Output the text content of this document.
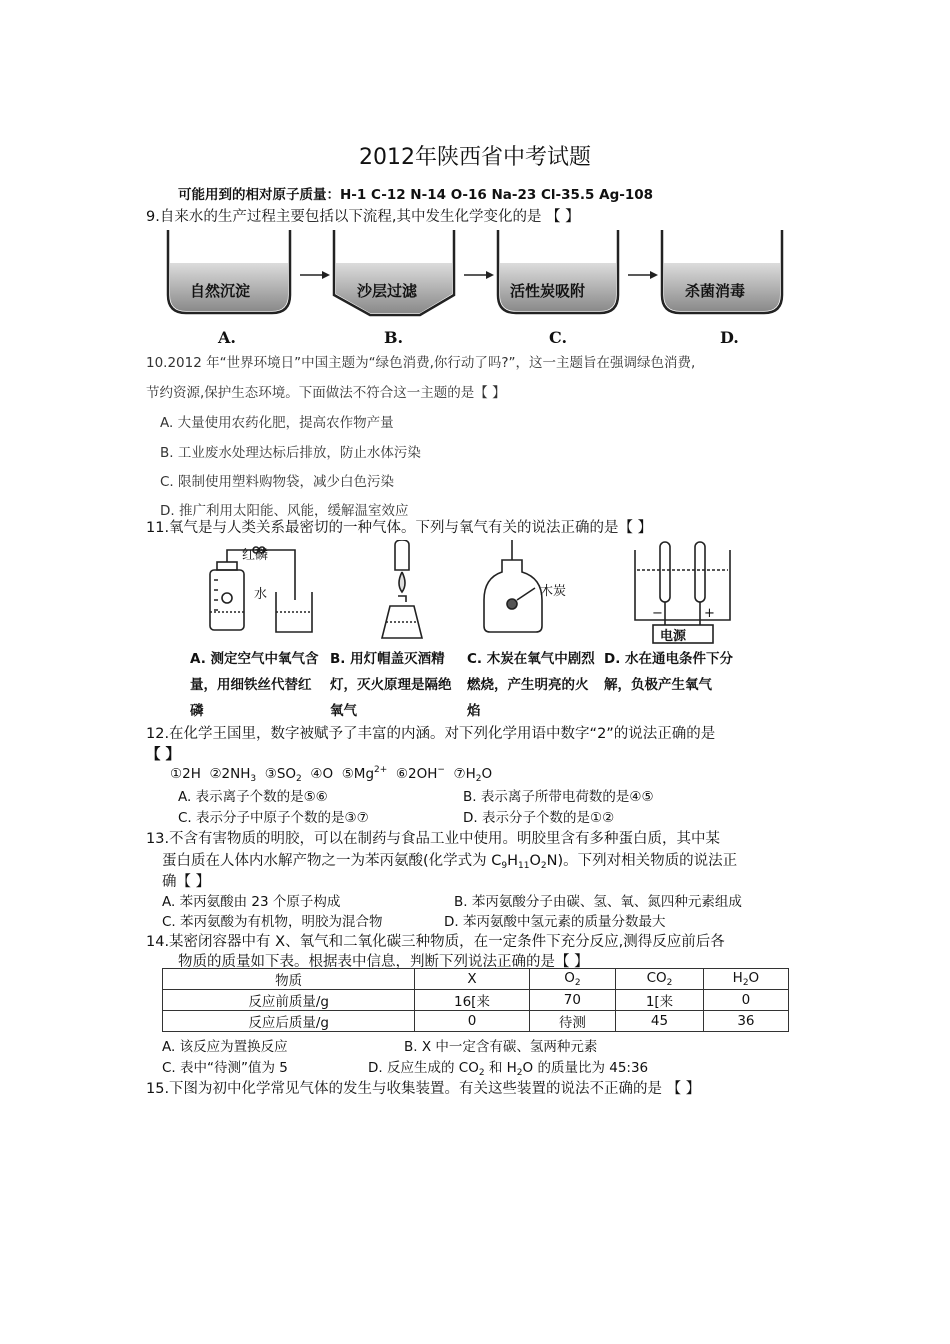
2012年陕西省中考试题
可能用到的相对原子质量：H-1 C-12 N-14 O-16 Na-23 Cl-35.5 Ag-108
9.自来水的生产过程主要包括以下流程,其中发生化学变化的是 【 】
自然沉淀	沙层过滤	活性炭吸附	杀菌消毒
A.	B.	C.	D.
10.2012 年“世界环境日”中国主题为“绿色消费,你行动了吗?”，这一主题旨在强调绿色消费,
节约资源,保护生态环境。下面做法不符合这一主题的是【 】
A. 大量使用农药化肥，提高农作物产量
B. 工业废水处理达标后排放，防止水体污染
C. 限制使用塑料购物袋，减少白色污染
D. 推广利用太阳能、风能，缓解温室效应
11.氧气是与人类关系最密切的一种气体。下列与氧气有关的说法正确的是【 】
红磷
水	木炭
电源
−	+
A. 测定空气中氧气含量，用细铁丝代替红磷
B. 用灯帽盖灭酒精灯，灭火原理是隔绝氧气
C. 木炭在氧气中剧烈燃烧，产生明亮的火焰
D. 水在通电条件下分解，负极产生氧气
12.在化学王国里，数字被赋予了丰富的内涵。对下列化学用语中数字“2”的说法正确的是
【 】
①2H $②2NH_3$ $③SO_2$ ④O $⑤Mg^{2+}$ ⑥2OH− $⑦H_2O$
A. 表示离子个数的是⑤⑥	B. 表示离子所带电荷数的是④⑤
C. 表示分子中原子个数的是③⑦	D. 表示分子个数的是①②
13.不含有害物质的明胶，可以在制药与食品工业中使用。明胶里含有多种蛋白质，其中某
蛋白质在人体内水解产物之一为苯丙氨酸(化学式为 $C_9H_{11}O_2N$)。下列对相关物质的说法正
确【 】
A. 苯丙氨酸由 23 个原子构成	B. 苯丙氨酸分子由碳、氢、氧、氮四种元素组成
C. 苯丙氨酸为有机物，明胶为混合物	D. 苯丙氨酸中氢元素的质量分数最大
14.某密闭容器中有 X、氧气和二氧化碳三种物质，在一定条件下充分反应,测得反应前后各
物质的质量如下表。根据表中信息，判断下列说法正确的是【 】
物质	X	$O_2$	$CO_2$	$H_2O$
反应前质量/g	16[来	70	1[来	0
反应后质量/g	0	待测	45	36
A. 该反应为置换反应	B. X 中一定含有碳、氢两种元素
C. 表中“待测”值为 5	D. 反应生成的 $CO_2$ 和 $H_2O$ 的质量比为 45:36
15.下图为初中化学常见气体的发生与收集装置。有关这些装置的说法不正确的是 【 】
